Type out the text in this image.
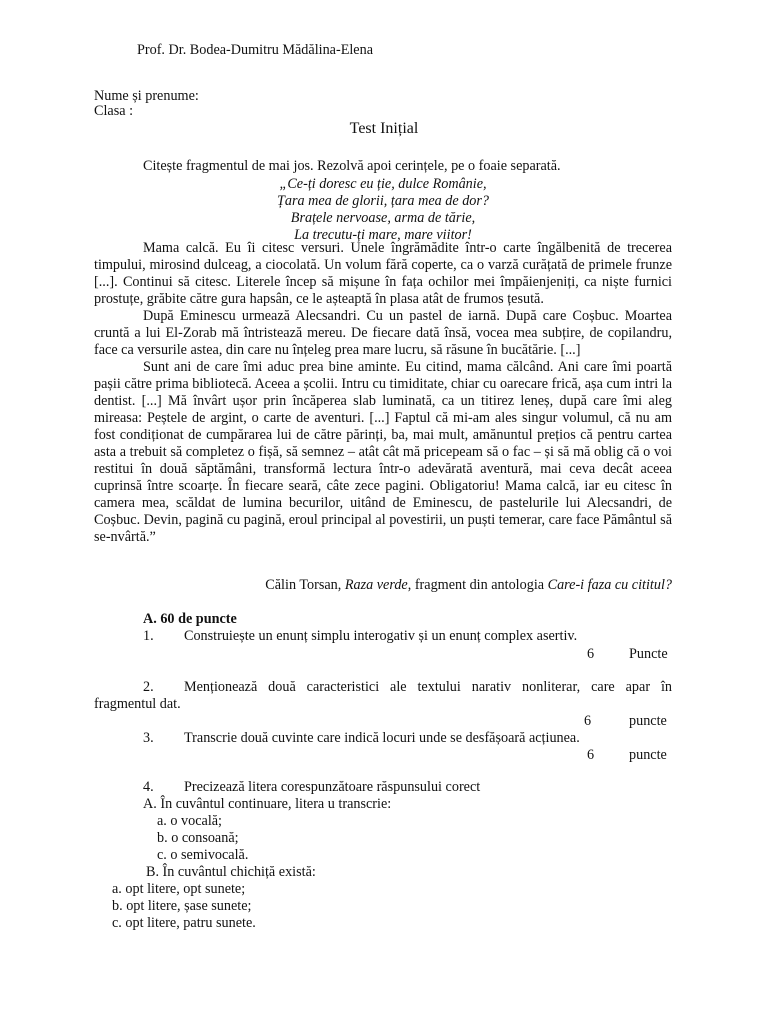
Prof. Dr. Bodea-Dumitru Mădălina-Elena
Nume și prenume:
Clasa :
Test Inițial
Citește fragmentul de mai jos. Rezolvă apoi cerințele, pe o foaie separată.
„Ce-ți doresc eu ție, dulce Românie,
Țara mea de glorii, țara mea de dor?
Brațele nervoase, arma de tărie,
La trecutu-ți mare, mare viitor!

Mama calcă. Eu îi citesc versuri. Unele îngrămădite într-o carte îngălbenită de trecerea timpului, mirosind dulceag, a ciocolată. Un volum fără coperte, ca o varză curățată de primele frunze [...]. Continui să citesc. Literele încep să mișune în fața ochilor mei împăienjeniți, ca niște furnici prostuțe, grăbite către gura hapsân, ce le așteaptă în plasa atât de frumos țesută.

După Eminescu urmează Alecsandri. Cu un pastel de iarnă. După care Coșbuc. Moartea cruntă a lui El-Zorab mă întristează mereu. De fiecare dată însă, vocea mea subțire, de copilandru, face ca versurile astea, din care nu înțeleg prea mare lucru, să răsune în bucătărie. [...]

Sunt ani de care îmi aduc prea bine aminte. Eu citind, mama călcând. Ani care îmi poartă pașii către prima bibliotecă. Aceea a școlii. Intru cu timiditate, chiar cu oarecare frică, așa cum intri la dentist. [...] Mă învârt ușor prin încăperea slab luminată, ca un titirez leneș, după care îmi aleg mireasa: Peștele de argint, o carte de aventuri. [...] Faptul că mi-am ales singur volumul, că nu am fost condiționat de cumpărarea lui de către părinți, ba, mai mult, amănuntul prețios că pentru cartea asta a trebuit să completez o fișă, să semnez – atât cât mă pricepeam să o fac – și să mă oblig că o voi restitui în două săptămâni, transformă lectura într-o adevărată aventură, mai ceva decât aceea cuprinsă între scoarțe. În fiecare seară, câte zece pagini. Obligatoriu! Mama calcă, iar eu citesc în camera mea, scăldat de lumina becurilor, uitând de Eminescu, de pastelurile lui Alecsandri, de Coșbuc. Devin, pagină cu pagină, eroul principal al povestirii, un puști temerar, care face Pământul să se-nvârtă.”

Călin Torsan, Raza verde, fragment din antologia Care-i faza cu cititul?
A. 60 de puncte
1. Construiește un enunț simplu interogativ și un enunț complex asertiv.
6 Puncte
2. Menționează două caracteristici ale textului narativ nonliterar, care apar în
fragmentul dat.
6	puncte
3. Transcrie două cuvinte care indică locuri unde se desfășoară acțiunea.
6 puncte
4. Precizează litera corespunzătoare răspunsului corect
A. În cuvântul continuare, litera u transcrie:
a. o vocală;
b. o consoană;
c. o semivocală.
B. În cuvântul chichiță există:
a. opt litere, opt sunete;
b. opt litere, șase sunete;
c. opt litere, patru sunete.
